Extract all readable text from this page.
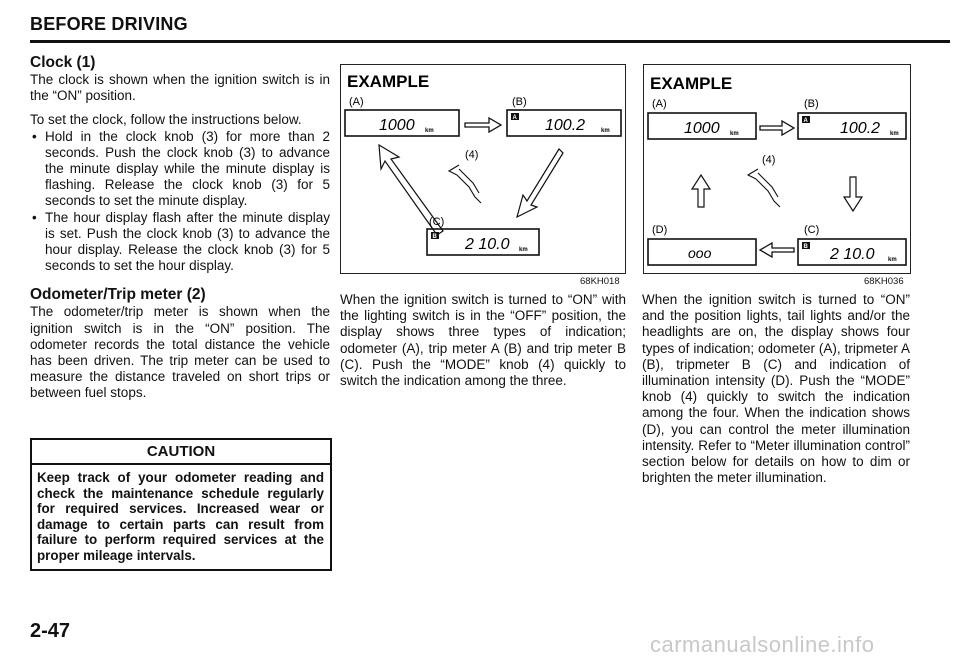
BEFORE DRIVING
Clock (1)

The clock is shown when the ignition switch is in the “ON” position.

To set the clock, follow the instructions below.

• Hold in the clock knob (3) for more than 2 seconds. Push the clock knob (3) to advance the minute display while the minute display is flashing. Release the clock knob (3) for 5 seconds to set the minute display.
• The hour display flash after the minute display is set. Push the clock knob (3) to advance the hour display. Release the clock knob (3) for 5 seconds to set the hour display.
Odometer/Trip meter (2)

The odometer/trip meter is shown when the ignition switch is in the “ON” position. The odometer records the total distance the vehicle has been driven. The trip meter can be used to measure the distance traveled on short trips or between fuel stops.

CAUTION
Keep track of your odometer reading and check the maintenance schedule regularly for required services. Increased wear or damage to certain parts can result from failure to perform required services at the proper mileage intervals.
EXAMPLE
(A)	(B)
1000 km
A 100.2	km
(4)
(C)
B 2 10.0 km
68KH018
EXAMPLE
(A)	(B)
1000 km
A 100.2 km
(4)
(D)	(C)
ooo	B 2 10.0 km
68KH036
When the ignition switch is turned to “ON” with the lighting switch is in the “OFF” position, the display shows three types of indication; odometer (A), trip meter A (B) and trip meter B (C). Push the “MODE” knob (4) quickly to switch the indication among the three.
When the ignition switch is turned to “ON” and the position lights, tail lights and/or the headlights are on, the display shows four types of indication; odometer (A), tripmeter A (B), tripmeter B (C) and indication of illumination intensity (D). Push the “MODE” knob (4) quickly to switch the indication among the four. When the indication shows (D), you can control the meter illumination intensity. Refer to “Meter illumination control” section below for details on how to dim or brighten the meter illumination.
2-47
carmanualsonline.info
